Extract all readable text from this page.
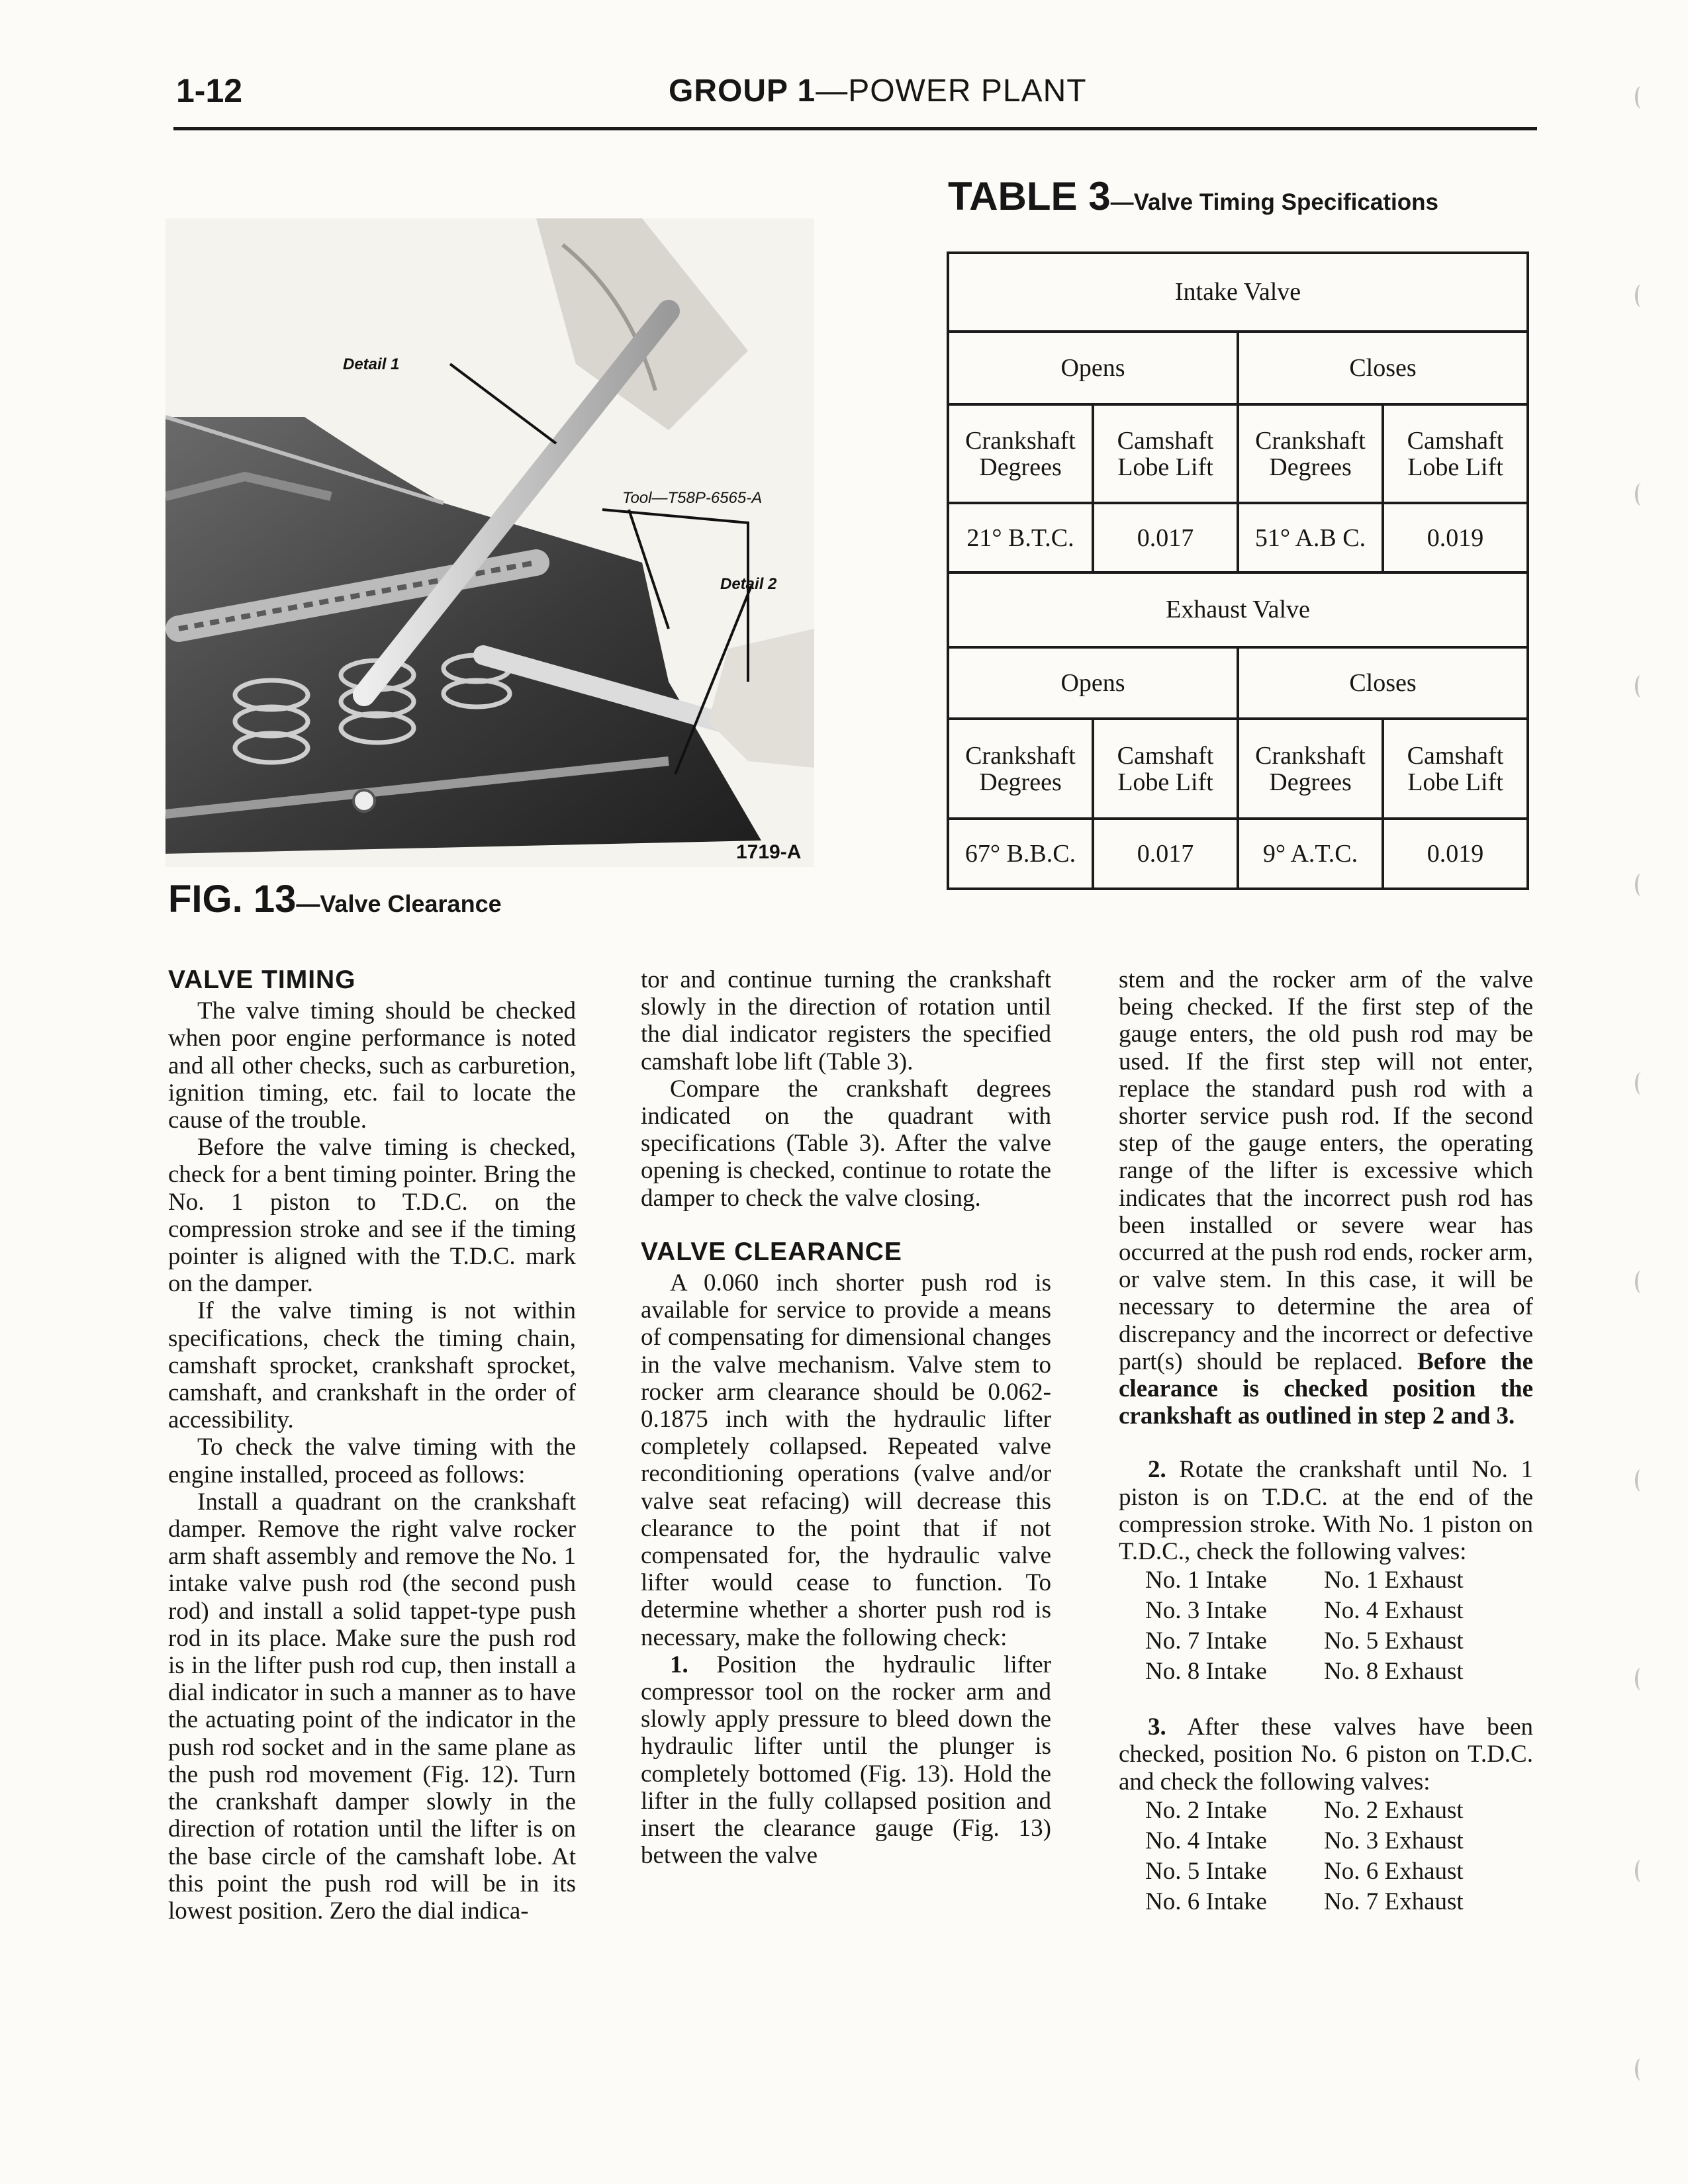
1-12	GROUP 1—POWER PLANT
Detail 1
Tool—T58P-6565-A
Detail 2
1719-A
FIG. 13—Valve Clearance
TABLE 3—Valve Timing Specifications
Intake Valve			
Opens		Closes	
Crankshaft Degrees	Camshaft Lobe Lift	Crankshaft Degrees	Camshaft Lobe Lift
21° B.T.C.	0.017	51° A.B C.	0.019
Exhaust Valve			
Opens		Closes	
Crankshaft Degrees	Camshaft Lobe Lift	Crankshaft Degrees	Camshaft Lobe Lift
67° B.B.C.	0.017	9° A.T.C.	0.019
VALVE TIMING

The valve timing should be checked when poor engine performance is noted and all other checks, such as carburetion, ignition timing, etc. fail to locate the cause of the trouble.

Before the valve timing is checked, check for a bent timing pointer. Bring the No. 1 piston to T.D.C. on the compression stroke and see if the timing pointer is aligned with the T.D.C. mark on the damper.

If the valve timing is not within specifications, check the timing chain, camshaft sprocket, crankshaft sprocket, camshaft, and crankshaft in the order of accessibility.

To check the valve timing with the engine installed, proceed as follows:

Install a quadrant on the crankshaft damper. Remove the right valve rocker arm shaft assembly and remove the No. 1 intake valve push rod (the second push rod) and install a solid tappet-type push rod in its place. Make sure the push rod is in the lifter push rod cup, then install a dial indicator in such a manner as to have the actuating point of the indicator in the push rod socket and in the same plane as the push rod movement (Fig. 12). Turn the crankshaft damper slowly in the direction of rotation until the lifter is on the base circle of the camshaft lobe. At this point the push rod will be in its lowest position. Zero the dial indica-

tor and continue turning the crankshaft slowly in the direction of rotation until the dial indicator registers the specified camshaft lobe lift (Table 3).

Compare the crankshaft degrees indicated on the quadrant with specifications (Table 3). After the valve opening is checked, continue to rotate the damper to check the valve closing.

VALVE CLEARANCE

A 0.060 inch shorter push rod is available for service to provide a means of compensating for dimensional changes in the valve mechanism. Valve stem to rocker arm clearance should be 0.062-0.1875 inch with the hydraulic lifter completely collapsed. Repeated valve reconditioning operations (valve and/or valve seat refacing) will decrease this clearance to the point that if not compensated for, the hydraulic valve lifter would cease to function. To determine whether a shorter push rod is necessary, make the following check:

1. Position the hydraulic lifter compressor tool on the rocker arm and slowly apply pressure to bleed down the hydraulic lifter until the plunger is completely bottomed (Fig. 13). Hold the lifter in the fully collapsed position and insert the clearance gauge (Fig. 13) between the valve

stem and the rocker arm of the valve being checked. If the first step of the gauge enters, the old push rod may be used. If the first step will not enter, replace the standard push rod with a shorter service push rod. If the second step of the gauge enters, the operating range of the lifter is excessive which indicates that the incorrect push rod has been installed or severe wear has occurred at the push rod ends, rocker arm, or valve stem. In this case, it will be necessary to determine the area of discrepancy and the incorrect or defective part(s) should be replaced. Before the clearance is checked position the crankshaft as outlined in step 2 and 3.

2. Rotate the crankshaft until No. 1 piston is on T.D.C. at the end of the compression stroke. With No. 1 piston on T.D.C., check the following valves:

No. 1 Intake	No. 1 Exhaust
No. 3 Intake	No. 4 Exhaust
No. 7 Intake	No. 5 Exhaust
No. 8 Intake	No. 8 Exhaust

3. After these valves have been checked, position No. 6 piston on T.D.C. and check the following valves:

No. 2 Intake	No. 2 Exhaust
No. 4 Intake	No. 3 Exhaust
No. 5 Intake	No. 6 Exhaust
No. 6 Intake	No. 7 Exhaust
